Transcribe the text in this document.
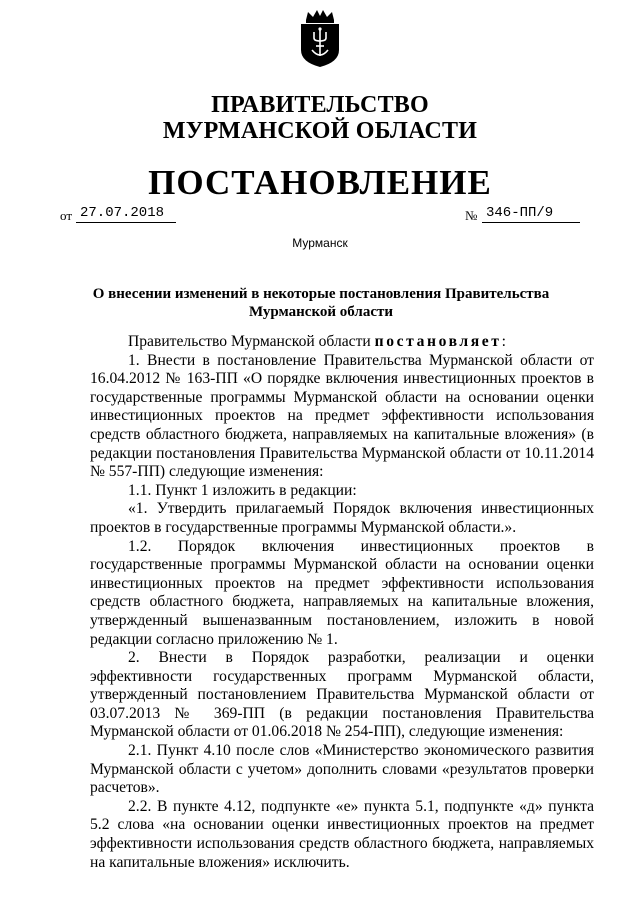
ПРАВИТЕЛЬСТВО
МУРМАНСКОЙ ОБЛАСТИ
ПОСТАНОВЛЕНИЕ
от 27.07.2018	№ 346-ПП/9
Мурманск
О внесении изменений в некоторые постановления Правительства Мурманской области

Правительство Мурманской области постановляет:

1. Внести в постановление Правительства Мурманской области от 16.04.2012 № 163-ПП «О порядке включения инвестиционных проектов в государственные программы Мурманской области на основании оценки инвестиционных проектов на предмет эффективности использования средств областного бюджета, направляемых на капитальные вложения» (в редакции постановления Правительства Мурманской области от 10.11.2014 № 557-ПП) следующие изменения:

1.1. Пункт 1 изложить в редакции:

«1. Утвердить прилагаемый Порядок включения инвестиционных проектов в государственные программы Мурманской области.».

1.2. Порядок включения инвестиционных проектов в государственные программы Мурманской области на основании оценки инвестиционных проектов на предмет эффективности использования средств областного бюджета, направляемых на капитальные вложения, утвержденный вышеназванным постановлением, изложить в новой редакции согласно приложению № 1.

2. Внести в Порядок разработки, реализации и оценки эффективности государственных программ Мурманской области, утвержденный постановлением Правительства Мурманской области от 03.07.2013 № 369-ПП (в редакции постановления Правительства Мурманской области от 01.06.2018 № 254-ПП), следующие изменения:

2.1. Пункт 4.10 после слов «Министерство экономического развития Мурманской области с учетом» дополнить словами «результатов проверки расчетов».

2.2. В пункте 4.12, подпункте «е» пункта 5.1, подпункте «д» пункта 5.2 слова «на основании оценки инвестиционных проектов на предмет эффективности использования средств областного бюджета, направляемых на капитальные вложения» исключить.
